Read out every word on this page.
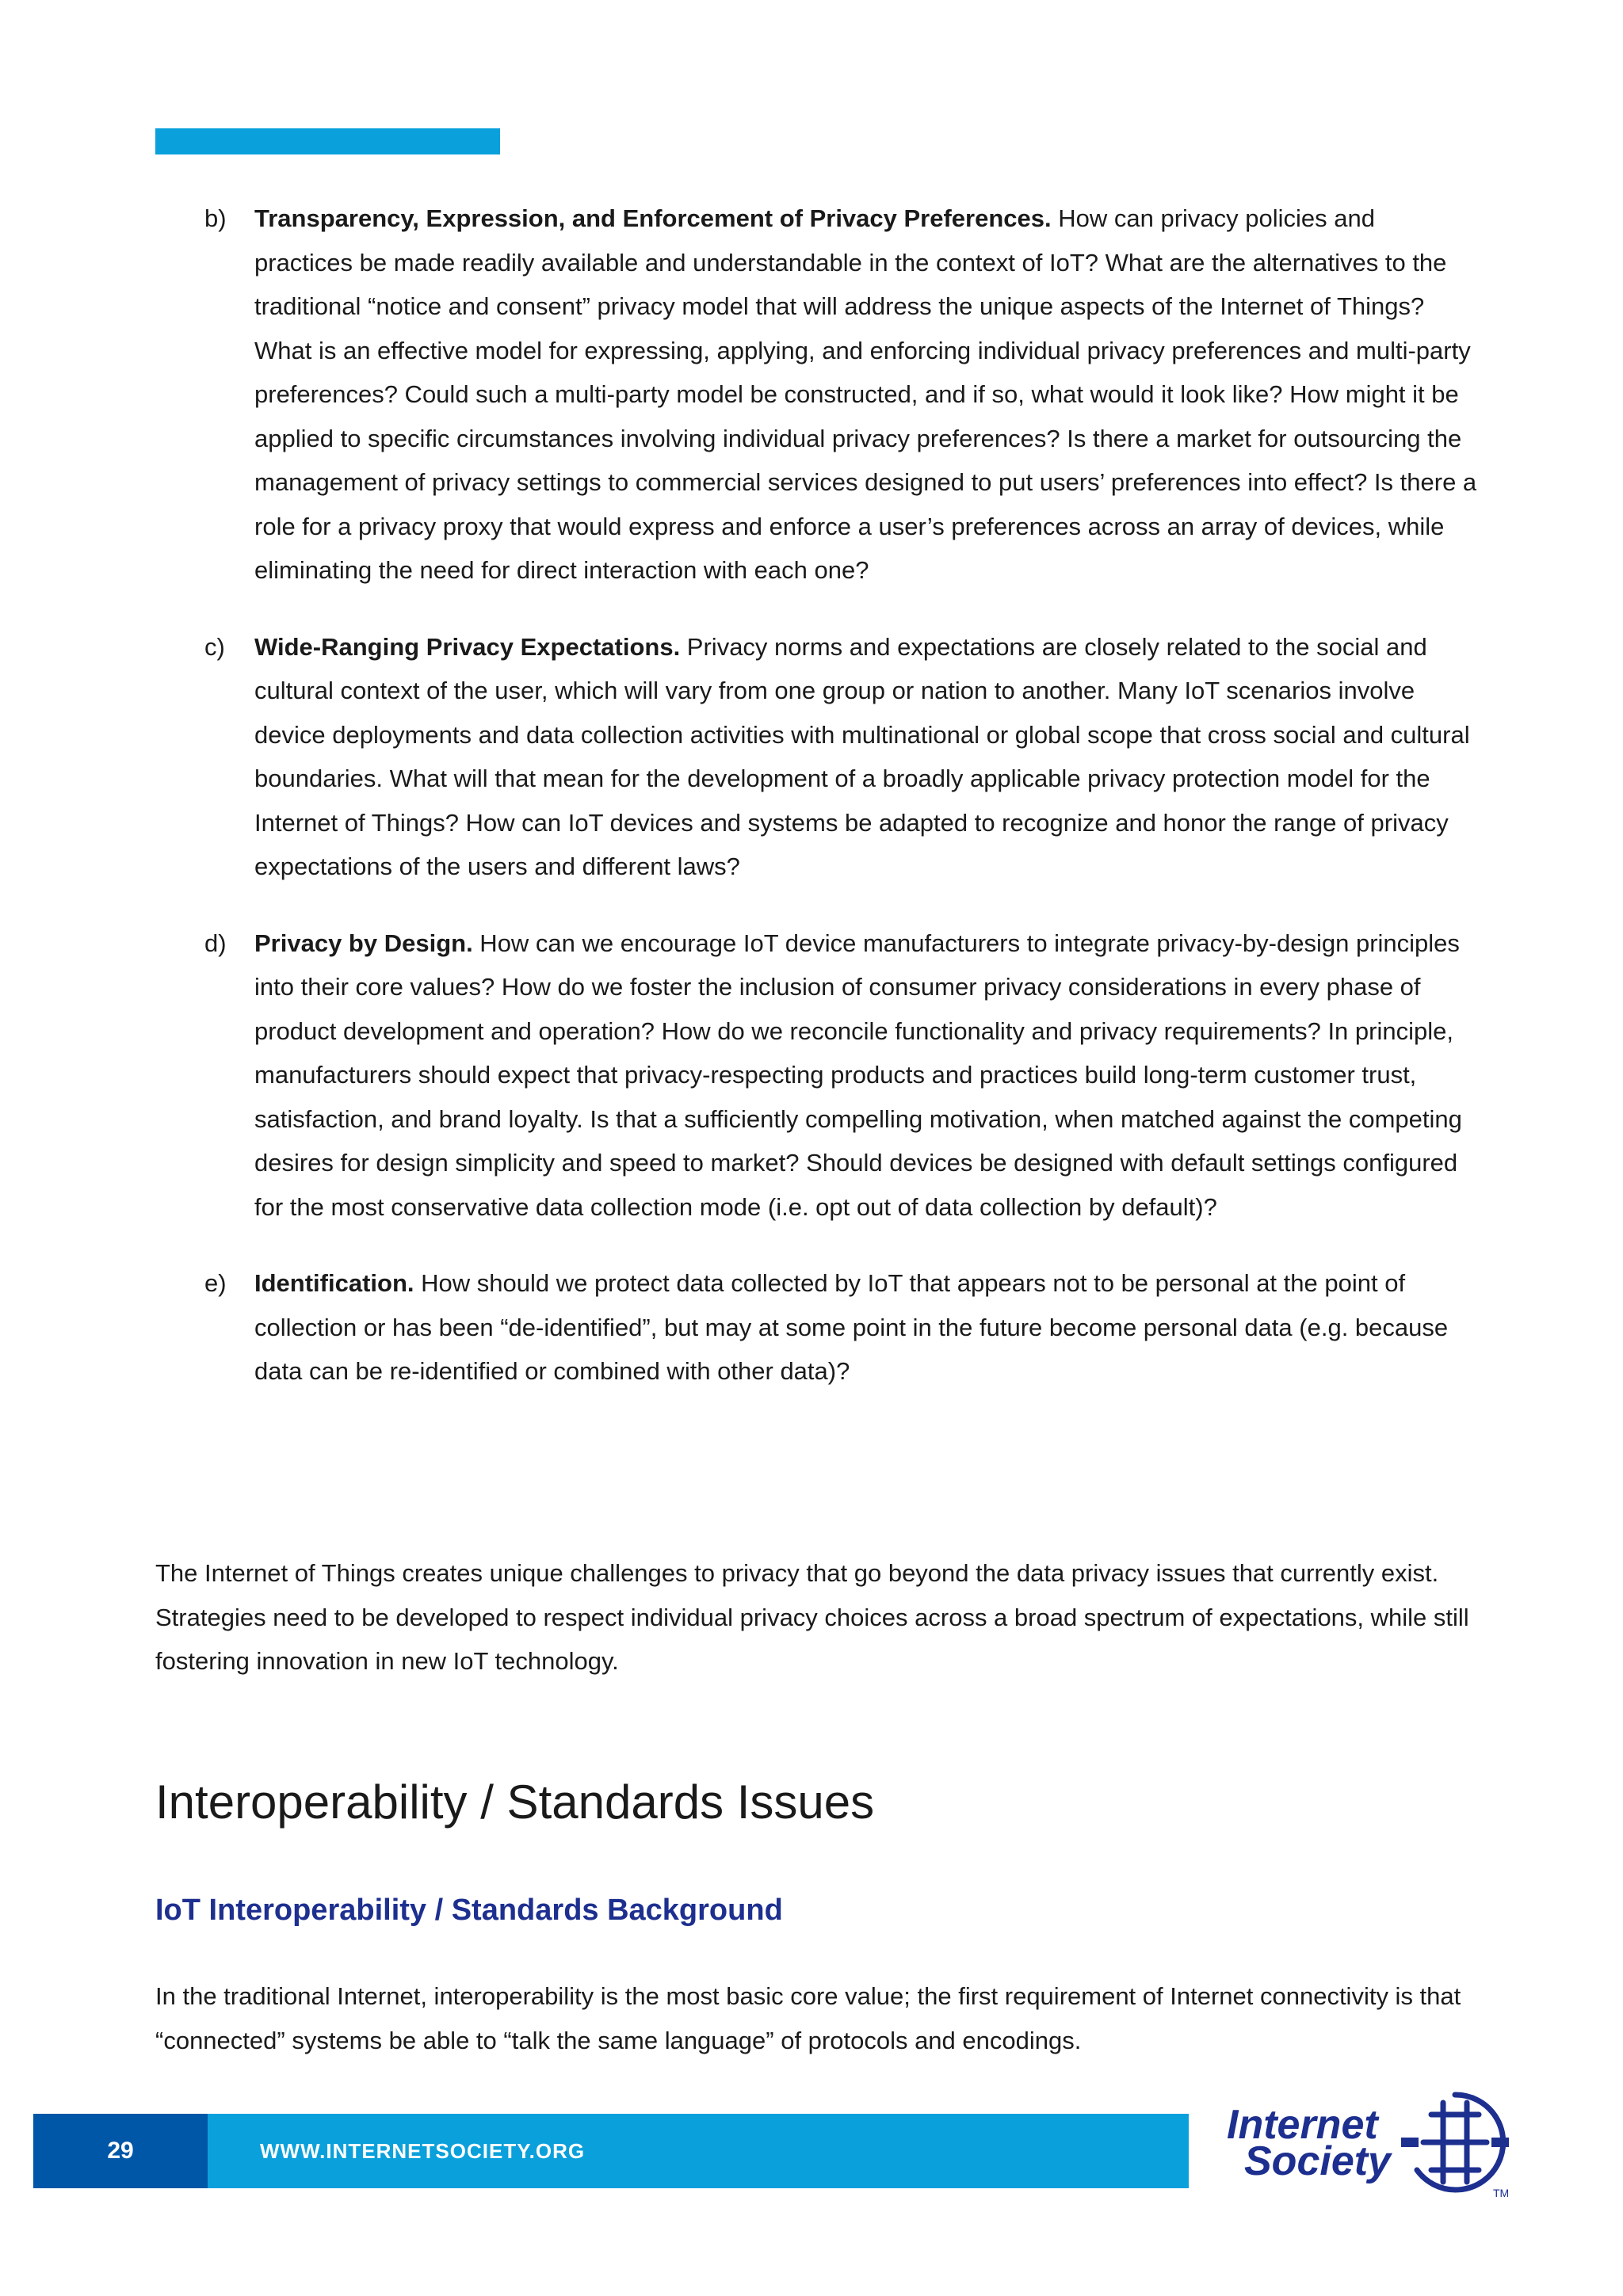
b) Transparency, Expression, and Enforcement of Privacy Preferences. How can privacy policies and practices be made readily available and understandable in the context of IoT? What are the alternatives to the traditional “notice and consent” privacy model that will address the unique aspects of the Internet of Things? What is an effective model for expressing, applying, and enforcing individual privacy preferences and multi-party preferences? Could such a multi-party model be constructed, and if so, what would it look like? How might it be applied to specific circumstances involving individual privacy preferences? Is there a market for outsourcing the management of privacy settings to commercial services designed to put users’ preferences into effect? Is there a role for a privacy proxy that would express and enforce a user’s preferences across an array of devices, while eliminating the need for direct interaction with each one?
c) Wide-Ranging Privacy Expectations. Privacy norms and expectations are closely related to the social and cultural context of the user, which will vary from one group or nation to another. Many IoT scenarios involve device deployments and data collection activities with multinational or global scope that cross social and cultural boundaries. What will that mean for the development of a broadly applicable privacy protection model for the Internet of Things? How can IoT devices and systems be adapted to recognize and honor the range of privacy expectations of the users and different laws?
d) Privacy by Design. How can we encourage IoT device manufacturers to integrate privacy-by-design principles into their core values? How do we foster the inclusion of consumer privacy considerations in every phase of product development and operation? How do we reconcile functionality and privacy requirements? In principle, manufacturers should expect that privacy-respecting products and practices build long-term customer trust, satisfaction, and brand loyalty. Is that a sufficiently compelling motivation, when matched against the competing desires for design simplicity and speed to market? Should devices be designed with default settings configured for the most conservative data collection mode (i.e. opt out of data collection by default)?
e) Identification. How should we protect data collected by IoT that appears not to be personal at the point of collection or has been “de-identified”, but may at some point in the future become personal data (e.g. because data can be re-identified or combined with other data)?

The Internet of Things creates unique challenges to privacy that go beyond the data privacy issues that currently exist. Strategies need to be developed to respect individual privacy choices across a broad spectrum of expectations, while still fostering innovation in new IoT technology.

Interoperability / Standards Issues
IoT Interoperability / Standards Background

In the traditional Internet, interoperability is the most basic core value; the first requirement of Internet connectivity is that “connected” systems be able to “talk the same language” of protocols and encodings.

29	WWW.INTERNETSOCIETY.ORG
Internet
Society
TM
